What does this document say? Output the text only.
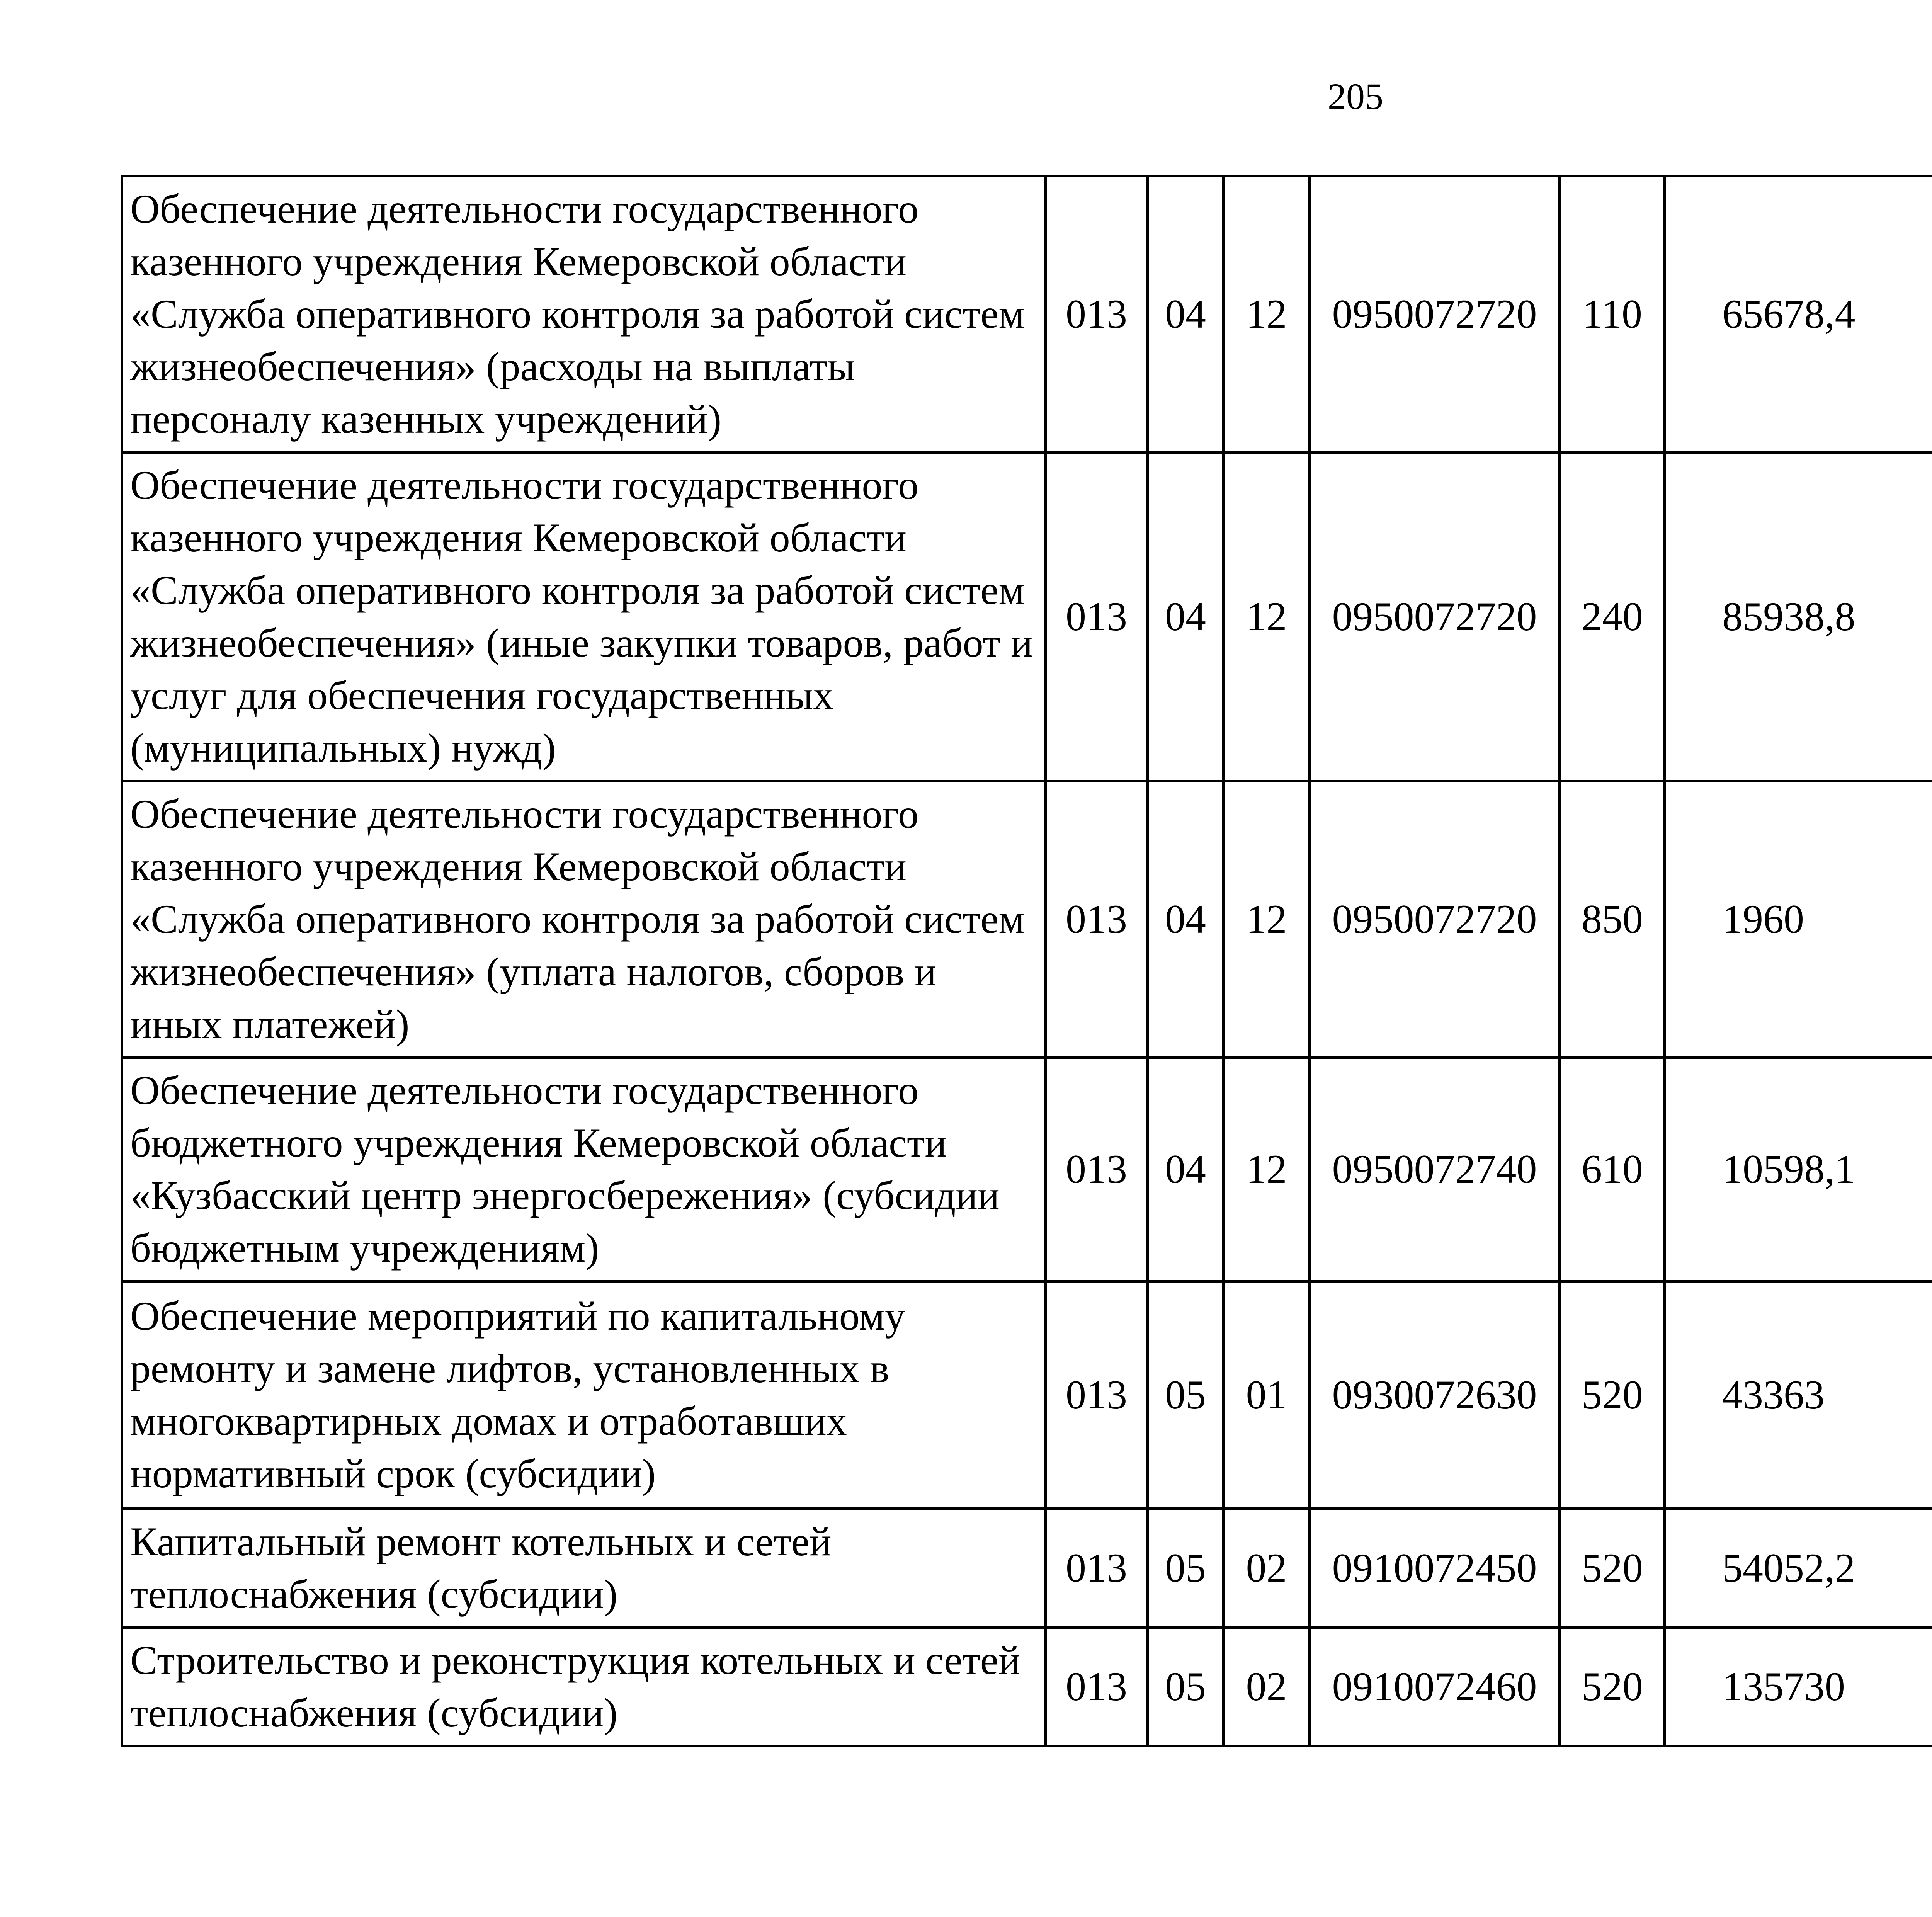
205
Обеспечение деятельности государственного казенного учреждения Кемеровской области «Служба оперативного контроля за работой систем жизнеобеспечения» (расходы на выплаты персоналу казенных учреждений)	013	04	12	0950072720	110	65678,4		
Обеспечение деятельности государственного казенного учреждения Кемеровской области «Служба оперативного контроля за работой систем жизнеобеспечения» (иные закупки товаров, работ и услуг для обеспечения государственных (муниципальных) нужд)	013	04	12	0950072720	240	85938,8		
Обеспечение деятельности государственного казенного учреждения Кемеровской области «Служба оперативного контроля за работой систем жизнеобеспечения» (уплата налогов, сборов и иных платежей)	013	04	12	0950072720	850	1960		
Обеспечение деятельности государственного бюджетного учреждения Кемеровской области «Кузбасский центр энергосбережения» (субсидии бюджетным учреждениям)	013	04	12	0950072740	610	10598,1		
Обеспечение мероприятий по капитальному ремонту и замене лифтов, установленных в многоквартирных домах и отработавших нормативный срок (субсидии)	013	05	01	0930072630	520	43363		
Капитальный ремонт котельных и сетей теплоснабжения (субсидии)	013	05	02	0910072450	520	54052,2		
Строительство и реконструкция котельных и сетей теплоснабжения (субсидии)	013	05	02	0910072460	520	135730		
